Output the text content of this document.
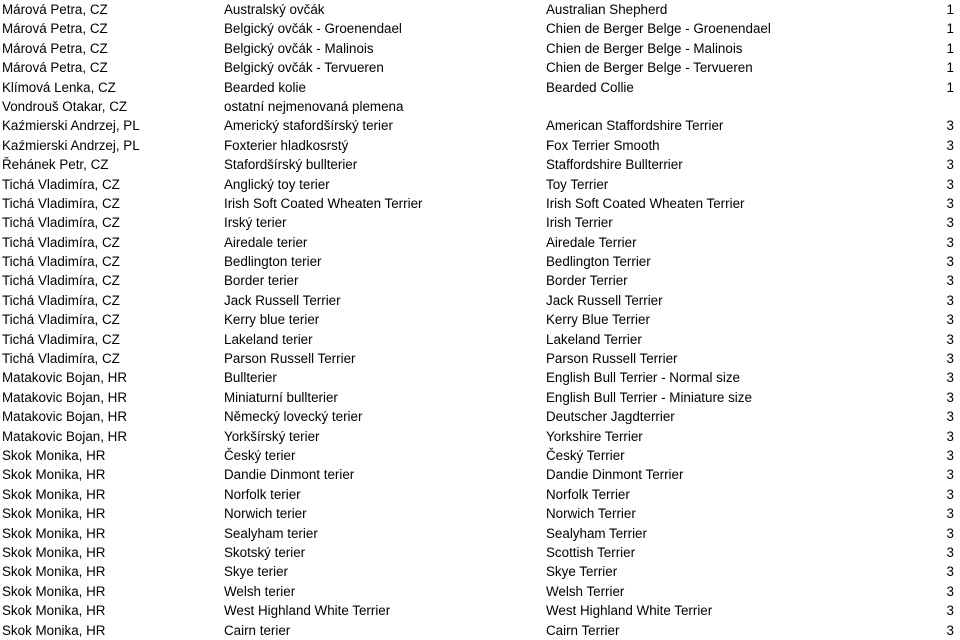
Márová Petra, CZ	Australský ovčák	Australian Shepherd	1
Márová Petra, CZ	Belgický ovčák - Groenendael	Chien de Berger Belge - Groenendael	1
Márová Petra, CZ	Belgický ovčák - Malinois	Chien de Berger Belge - Malinois	1
Márová Petra, CZ	Belgický ovčák - Tervueren	Chien de Berger Belge - Tervueren	1
Klímová Lenka, CZ	Bearded kolie	Bearded Collie	1
Vondrouš Otakar, CZ	ostatní nejmenovaná plemena
Kaźmierski Andrzej, PL	Americký stafordšírský terier	American Staffordshire Terrier	3
Kaźmierski Andrzej, PL	Foxterier hladkosrstý	Fox Terrier Smooth	3
Řehánek Petr, CZ	Stafordšírský bullterier	Staffordshire Bullterrier	3
Tichá Vladimíra, CZ	Anglický toy terier	Toy Terrier	3
Tichá Vladimíra, CZ	Irish Soft Coated Wheaten Terrier	Irish Soft Coated Wheaten Terrier	3
Tichá Vladimíra, CZ	Irský terier	Irish Terrier	3
Tichá Vladimíra, CZ	Airedale terier	Airedale Terrier	3
Tichá Vladimíra, CZ	Bedlington terier	Bedlington Terrier	3
Tichá Vladimíra, CZ	Border terier	Border Terrier	3
Tichá Vladimíra, CZ	Jack Russell Terrier	Jack Russell Terrier	3
Tichá Vladimíra, CZ	Kerry blue terier	Kerry Blue Terrier	3
Tichá Vladimíra, CZ	Lakeland terier	Lakeland Terrier	3
Tichá Vladimíra, CZ	Parson Russell Terrier	Parson Russell Terrier	3
Matakovic Bojan, HR	Bullterier	English Bull Terrier - Normal size	3
Matakovic Bojan, HR	Miniaturní bullterier	English Bull Terrier - Miniature size	3
Matakovic Bojan, HR	Německý lovecký terier	Deutscher Jagdterrier	3
Matakovic Bojan, HR	Yorkšírský terier	Yorkshire Terrier	3
Skok Monika, HR	Český terier	Český Terrier	3
Skok Monika, HR	Dandie Dinmont terier	Dandie Dinmont Terrier	3
Skok Monika, HR	Norfolk terier	Norfolk Terrier	3
Skok Monika, HR	Norwich terier	Norwich Terrier	3
Skok Monika, HR	Sealyham terier	Sealyham Terrier	3
Skok Monika, HR	Skotský terier	Scottish Terrier	3
Skok Monika, HR	Skye terier	Skye Terrier	3
Skok Monika, HR	Welsh terier	Welsh Terrier	3
Skok Monika, HR	West Highland White Terrier	West Highland White Terrier	3
Skok Monika, HR	Cairn terier	Cairn Terrier	3
